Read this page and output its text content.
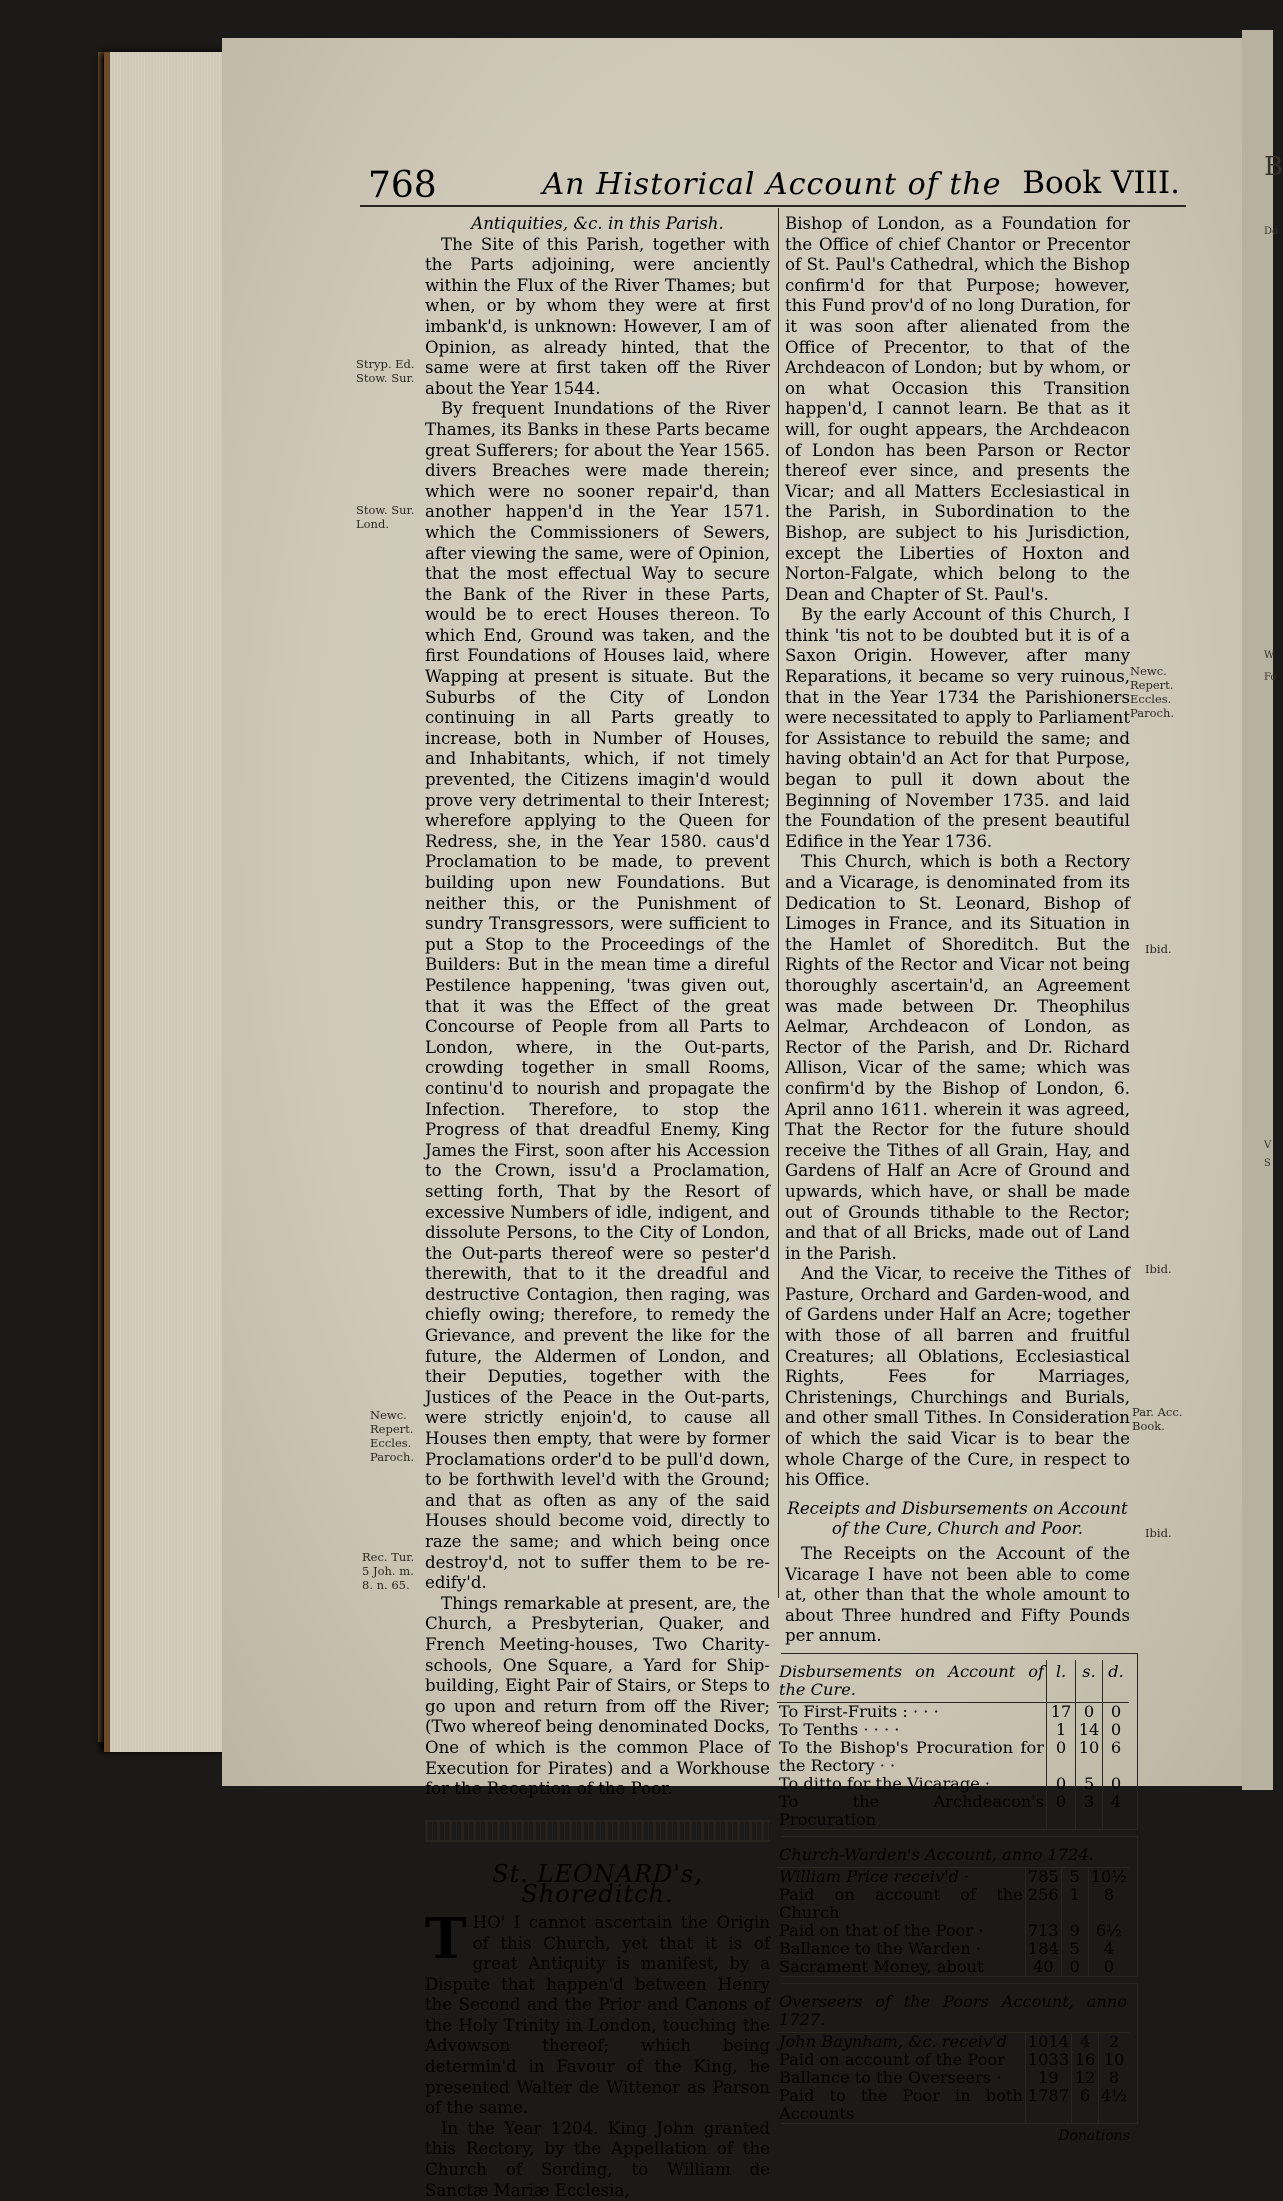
B
Do
W
Fo
V
S
768	An Historical Account of the Book VIII.
Stryp. Ed. Stow. Sur.
Stow. Sur. Lond.
Newc. Repert. Eccles. Paroch.
Rec. Tur. 5 Joh. m. 8. n. 65.
Newc. Repert. Eccles. Paroch.
Ibid.
Ibid.
Par. Acc. Book.
Ibid.

Antiquities, &c. in this Parish.

The Site of this Parish, together with the Parts adjoining, were anciently within the Flux of the River Thames; but when, or by whom they were at first imbank'd, is unknown: However, I am of Opinion, as already hinted, that the same were at first taken off the River about the Year 1544.

By frequent Inundations of the River Thames, its Banks in these Parts became great Sufferers; for about the Year 1565. divers Breaches were made therein; which were no sooner repair'd, than another happen'd in the Year 1571. which the Commissioners of Sewers, after viewing the same, were of Opinion, that the most effectual Way to secure the Bank of the River in these Parts, would be to erect Houses thereon. To which End, Ground was taken, and the first Foundations of Houses laid, where Wapping at present is situate. But the Suburbs of the City of London continuing in all Parts greatly to increase, both in Number of Houses, and Inhabitants, which, if not timely prevented, the Citizens imagin'd would prove very detrimental to their Interest; wherefore applying to the Queen for Redress, she, in the Year 1580. caus'd Proclamation to be made, to prevent building upon new Foundations. But neither this, or the Punishment of sundry Transgressors, were sufficient to put a Stop to the Proceedings of the Builders: But in the mean time a direful Pestilence happening, 'twas given out, that it was the Effect of the great Concourse of People from all Parts to London, where, in the Out-parts, crowding together in small Rooms, continu'd to nourish and propagate the Infection. Therefore, to stop the Progress of that dreadful Enemy, King James the First, soon after his Accession to the Crown, issu'd a Proclamation, setting forth, That by the Resort of excessive Numbers of idle, indigent, and dissolute Persons, to the City of London, the Out-parts thereof were so pester'd therewith, that to it the dreadful and destructive Contagion, then raging, was chiefly owing; therefore, to remedy the Grievance, and prevent the like for the future, the Aldermen of London, and their Deputies, together with the Justices of the Peace in the Out-parts, were strictly enjoin'd, to cause all Houses then empty, that were by former Proclamations order'd to be pull'd down, to be forthwith level'd with the Ground; and that as often as any of the said Houses should become void, directly to raze the same; and which being once destroy'd, not to suffer them to be re-edify'd.

Things remarkable at present, are, the Church, a Presbyterian, Quaker, and French Meeting-houses, Two Charity-schools, One Square, a Yard for Ship-building, Eight Pair of Stairs, or Steps to go upon and return from off the River; (Two whereof being denominated Docks, One of which is the common Place of Execution for Pirates) and a Workhouse for the Reception of the Poor.

St. LEONARD's, Shoreditch.

THO' I cannot ascertain the Origin of this Church, yet that it is of great Antiquity is manifest, by a Dispute that happen'd between Henry the Second and the Prior and Canons of the Holy Trinity in London, touching the Advowson thereof; which being determin'd in Favour of the King, he presented Walter de Wittenor as Parson of the same.

In the Year 1204. King John granted this Rectory, by the Appellation of the Church of Sording, to William de Sanctæ Mariæ Ecclesia,

Bishop of London, as a Foundation for the Office of chief Chantor or Precentor of St. Paul's Cathedral, which the Bishop confirm'd for that Purpose; however, this Fund prov'd of no long Duration, for it was soon after alienated from the Office of Precentor, to that of the Archdeacon of London; but by whom, or on what Occasion this Transition happen'd, I cannot learn. Be that as it will, for ought appears, the Archdeacon of London has been Parson or Rector thereof ever since, and presents the Vicar; and all Matters Ecclesiastical in the Parish, in Subordination to the Bishop, are subject to his Jurisdiction, except the Liberties of Hoxton and Norton-Falgate, which belong to the Dean and Chapter of St. Paul's.

By the early Account of this Church, I think 'tis not to be doubted but it is of a Saxon Origin. However, after many Reparations, it became so very ruinous, that in the Year 1734 the Parishioners were necessitated to apply to Parliament for Assistance to rebuild the same; and having obtain'd an Act for that Purpose, began to pull it down about the Beginning of November 1735. and laid the Foundation of the present beautiful Edifice in the Year 1736.

This Church, which is both a Rectory and a Vicarage, is denominated from its Dedication to St. Leonard, Bishop of Limoges in France, and its Situation in the Hamlet of Shoreditch. But the Rights of the Rector and Vicar not being thoroughly ascertain'd, an Agreement was made between Dr. Theophilus Aelmar, Archdeacon of London, as Rector of the Parish, and Dr. Richard Allison, Vicar of the same; which was confirm'd by the Bishop of London, 6. April anno 1611. wherein it was agreed, That the Rector for the future should receive the Tithes of all Grain, Hay, and Gardens of Half an Acre of Ground and upwards, which have, or shall be made out of Grounds tithable to the Rector; and that of all Bricks, made out of Land in the Parish.

And the Vicar, to receive the Tithes of Pasture, Orchard and Garden-wood, and of Gardens under Half an Acre; together with those of all barren and fruitful Creatures; all Oblations, Ecclesiastical Rights, Fees for Marriages, Christenings, Churchings and Burials, and other small Tithes. In Consideration of which the said Vicar is to bear the whole Charge of the Cure, in respect to his Office.

Receipts and Disbursements on Account of the Cure, Church and Poor.

The Receipts on the Account of the Vicarage I have not been able to come at, other than that the whole amount to about Three hundred and Fifty Pounds per annum.

Disbursements on Account of the Cure.	l.	s.	d.
To First-Fruits : · · ·	17	0	0
To Tenths · · · ·	1	14	0
To the Bishop's Procuration for the Rectory · ·	0	10	6
To ditto for the Vicarage ·	0	5	0
To the Archdeacon's Procuration	0	3	4
Church-Warden's Account, anno 1724.			
William Price receiv'd ·	785	5	10½
Paid on account of the Church	256	1	8
Paid on that of the Poor ·	713	9	6½
Ballance to the Warden ·	184	5	4
Sacrament Money, about	40	0	0
Overseers of the Poors Account, anno 1727.			
John Baynham, &c. receiv'd	1014	4	2
Paid on account of the Poor	1033	16	10
Ballance to the Overseers ·	19	12	8
Paid to the Poor in both Accounts	1787	6	4½
Donations
